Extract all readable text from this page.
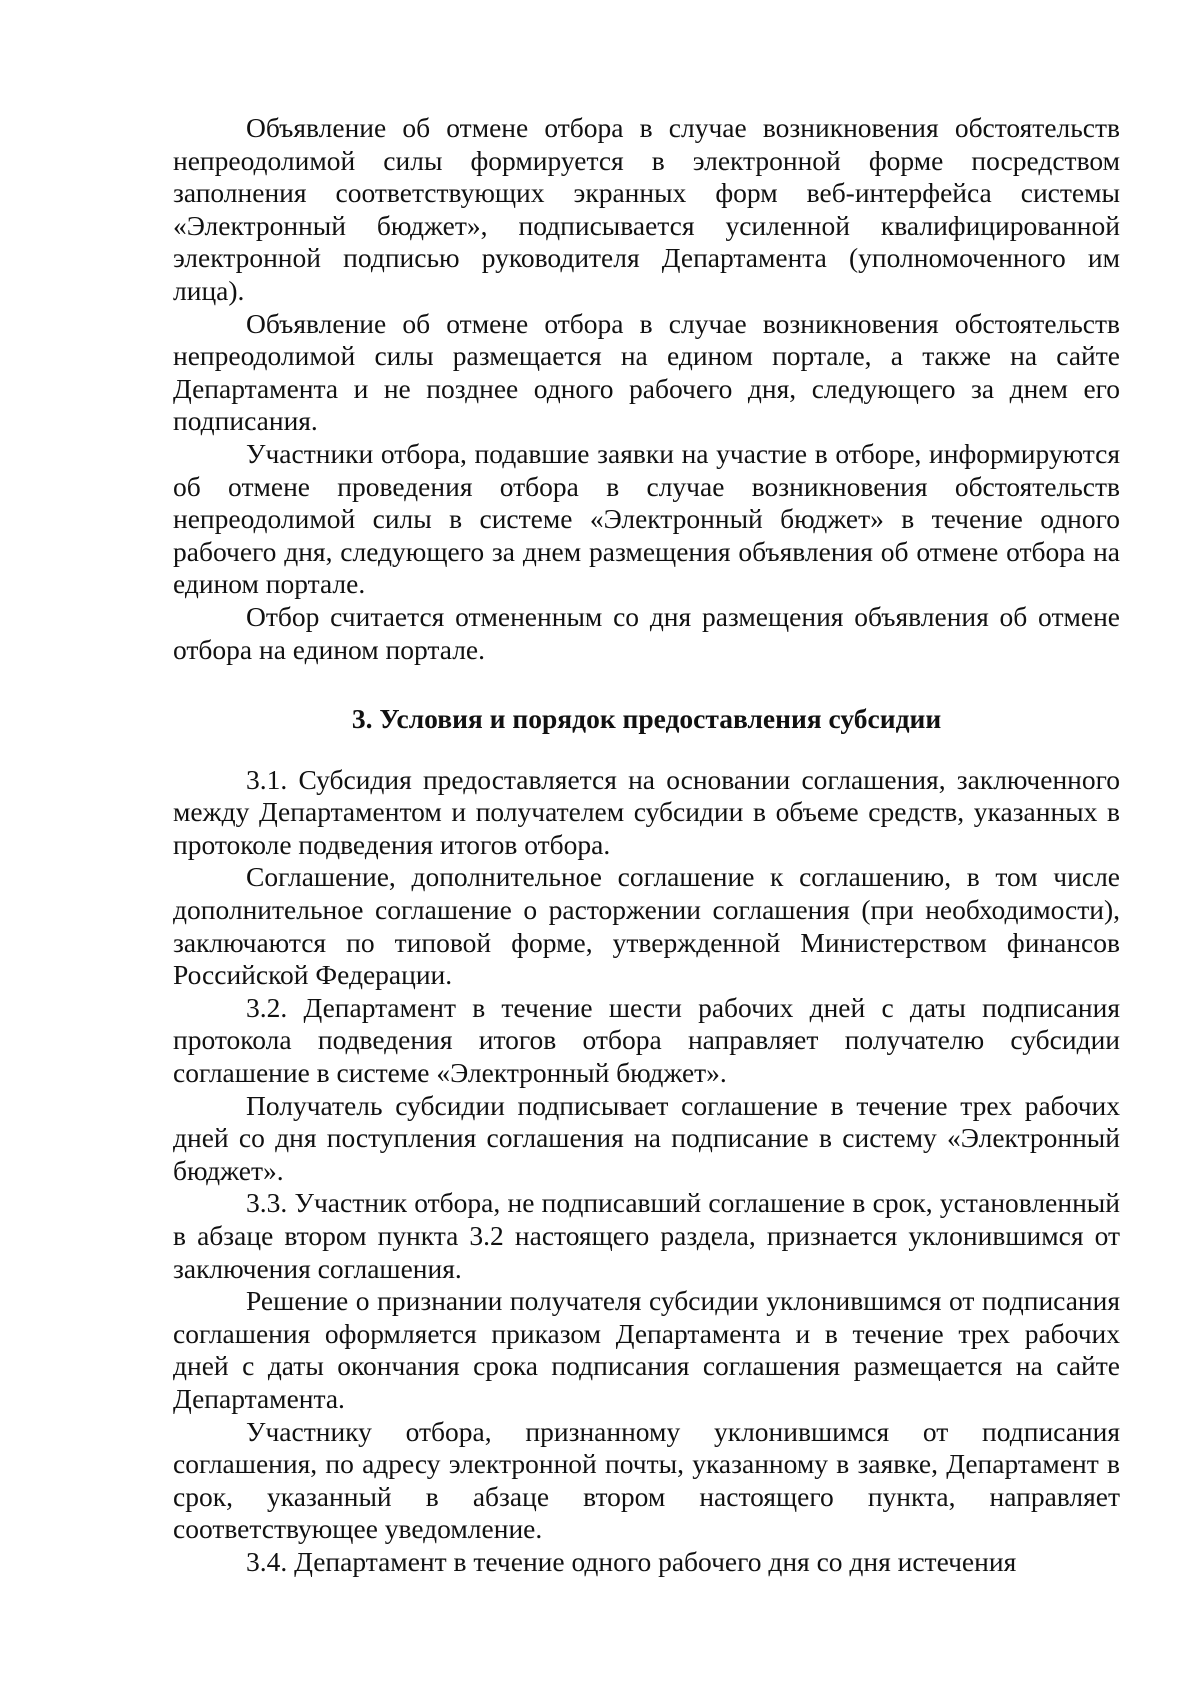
Объявление об отмене отбора в случае возникновения обстоятельств непреодолимой силы формируется в электронной форме посредством заполнения соответствующих экранных форм веб-интерфейса системы «Электронный бюджет», подписывается усиленной квалифицированной электронной подписью руководителя Департамента (уполномоченного им лица).

Объявление об отмене отбора в случае возникновения обстоятельств непреодолимой силы размещается на едином портале, а также на сайте Департамента и не позднее одного рабочего дня, следующего за днем его подписания.

Участники отбора, подавшие заявки на участие в отборе, информируются об отмене проведения отбора в случае возникновения обстоятельств непреодолимой силы в системе «Электронный бюджет» в течение одного рабочего дня, следующего за днем размещения объявления об отмене отбора на едином портале.

Отбор считается отмененным со дня размещения объявления об отмене отбора на едином портале.

3. Условия и порядок предоставления субсидии

3.1. Субсидия предоставляется на основании соглашения, заключенного между Департаментом и получателем субсидии в объеме средств, указанных в протоколе подведения итогов отбора.

Соглашение, дополнительное соглашение к соглашению, в том числе дополнительное соглашение о расторжении соглашения (при необходимости), заключаются по типовой форме, утвержденной Министерством финансов Российской Федерации.

3.2. Департамент в течение шести рабочих дней с даты подписания протокола подведения итогов отбора направляет получателю субсидии соглашение в системе «Электронный бюджет».

Получатель субсидии подписывает соглашение в течение трех рабочих дней со дня поступления соглашения на подписание в систему «Электронный бюджет».

3.3. Участник отбора, не подписавший соглашение в срок, установленный в абзаце втором пункта 3.2 настоящего раздела, признается уклонившимся от заключения соглашения.

Решение о признании получателя субсидии уклонившимся от подписания соглашения оформляется приказом Департамента и в течение трех рабочих дней с даты окончания срока подписания соглашения размещается на сайте Департамента.

Участнику отбора, признанному уклонившимся от подписания соглашения, по адресу электронной почты, указанному в заявке, Департамент в срок, указанный в абзаце втором настоящего пункта, направляет соответствующее уведомление.

3.4. Департамент в течение одного рабочего дня со дня истечения
